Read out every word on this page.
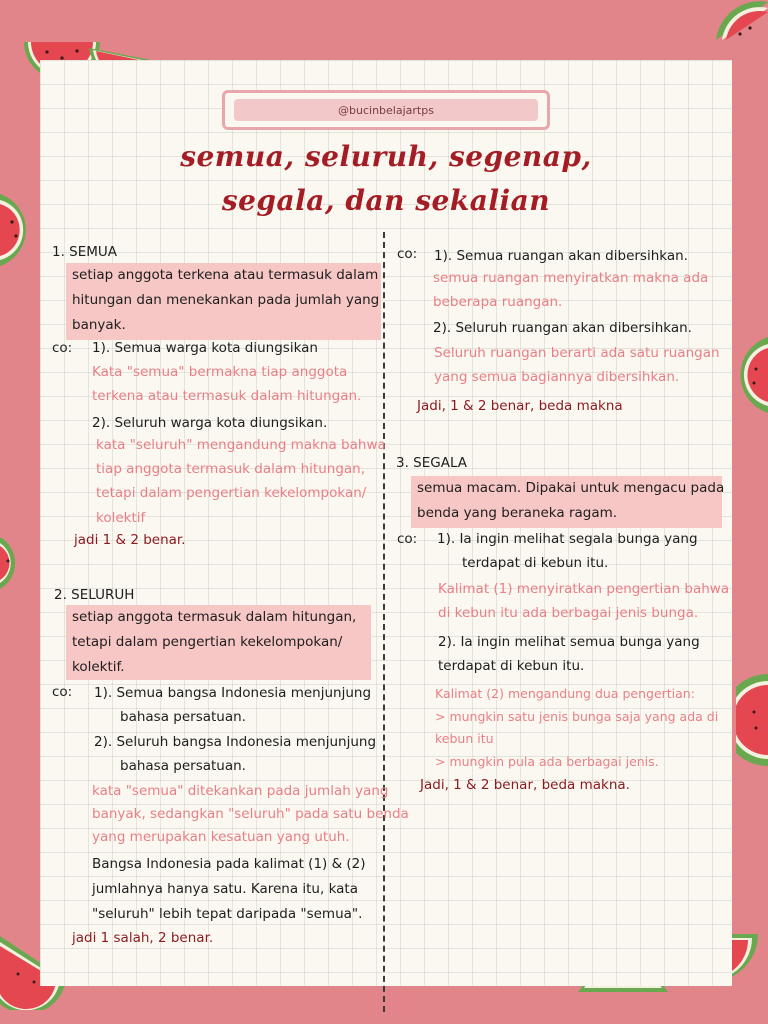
@bucinbelajartps
semua, seluruh, segenap,
segala, dan sekalian
1. SEMUA
setiap anggota terkena atau termasuk dalam
hitungan dan menekankan pada jumlah yang
banyak.
co: 1). Semua warga kota diungsikan
Kata "semua" bermakna tiap anggota
terkena atau termasuk dalam hitungan.
2). Seluruh warga kota diungsikan.
kata "seluruh" mengandung makna bahwa
tiap anggota termasuk dalam hitungan,
tetapi dalam pengertian kekelompokan/
kolektif
jadi 1 & 2 benar.
2. SELURUH
setiap anggota termasuk dalam hitungan,
tetapi dalam pengertian kekelompokan/
kolektif.
co: 1). Semua bangsa Indonesia menjunjung
bahasa persatuan.
2). Seluruh bangsa Indonesia menjunjung
bahasa persatuan.
kata "semua" ditekankan pada jumlah yang
banyak, sedangkan "seluruh" pada satu benda
yang merupakan kesatuan yang utuh.
Bangsa Indonesia pada kalimat (1) & (2)
jumlahnya hanya satu. Karena itu, kata
"seluruh" lebih tepat daripada "semua".
jadi 1 salah, 2 benar.
co: 1). Semua ruangan akan dibersihkan.
semua ruangan menyiratkan makna ada
beberapa ruangan.
2). Seluruh ruangan akan dibersihkan.
Seluruh ruangan berarti ada satu ruangan
yang semua bagiannya dibersihkan.
Jadi, 1 & 2 benar, beda makna
3. SEGALA
semua macam. Dipakai untuk mengacu pada
benda yang beraneka ragam.
co: 1). Ia ingin melihat segala bunga yang
terdapat di kebun itu.
Kalimat (1) menyiratkan pengertian bahwa
di kebun itu ada berbagai jenis bunga.
2). Ia ingin melihat semua bunga yang
terdapat di kebun itu.
Kalimat (2) mengandung dua pengertian:
> mungkin satu jenis bunga saja yang ada di
kebun itu
> mungkin pula ada berbagai jenis.
Jadi, 1 & 2 benar, beda makna.
